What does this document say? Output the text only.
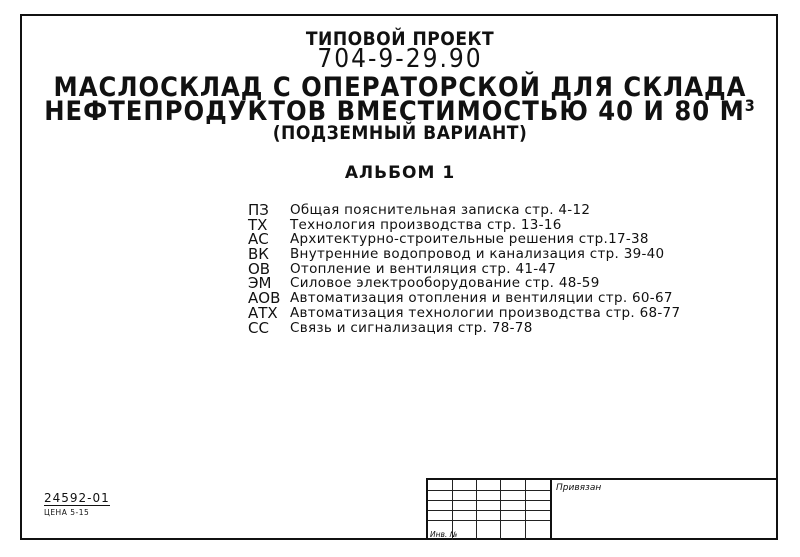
ТИПОВОЙ ПРОЕКТ
704-9-29.90
МАСЛОСКЛАД С ОПЕРАТОРСКОЙ ДЛЯ СКЛАДА
НЕФТЕПРОДУКТОВ ВМЕСТИМОСТЬЮ 40 И 80 $М^3$
(ПОДЗЕМНЫЙ ВАРИАНТ)
АЛЬБОМ 1
ПЗ	Общая пояснительная записка стр. 4-12
ТХ	Технология производства стр. 13-16
АС	Архитектурно-строительные решения стр.17-38
ВК	Внутренние водопровод и канализация стр. 39-40
ОВ	Отопление и вентиляция стр. 41-47
ЭМ	Силовое электрооборудование стр. 48-59
АОВ Автоматизация отопления и вентиляции стр. 60-67
АТХ Автоматизация технологии производства стр. 68-77
СС	Связь и сигнализация стр. 78-78
24592-01
ЦЕНА 5-15
Привязан
Инв. №
